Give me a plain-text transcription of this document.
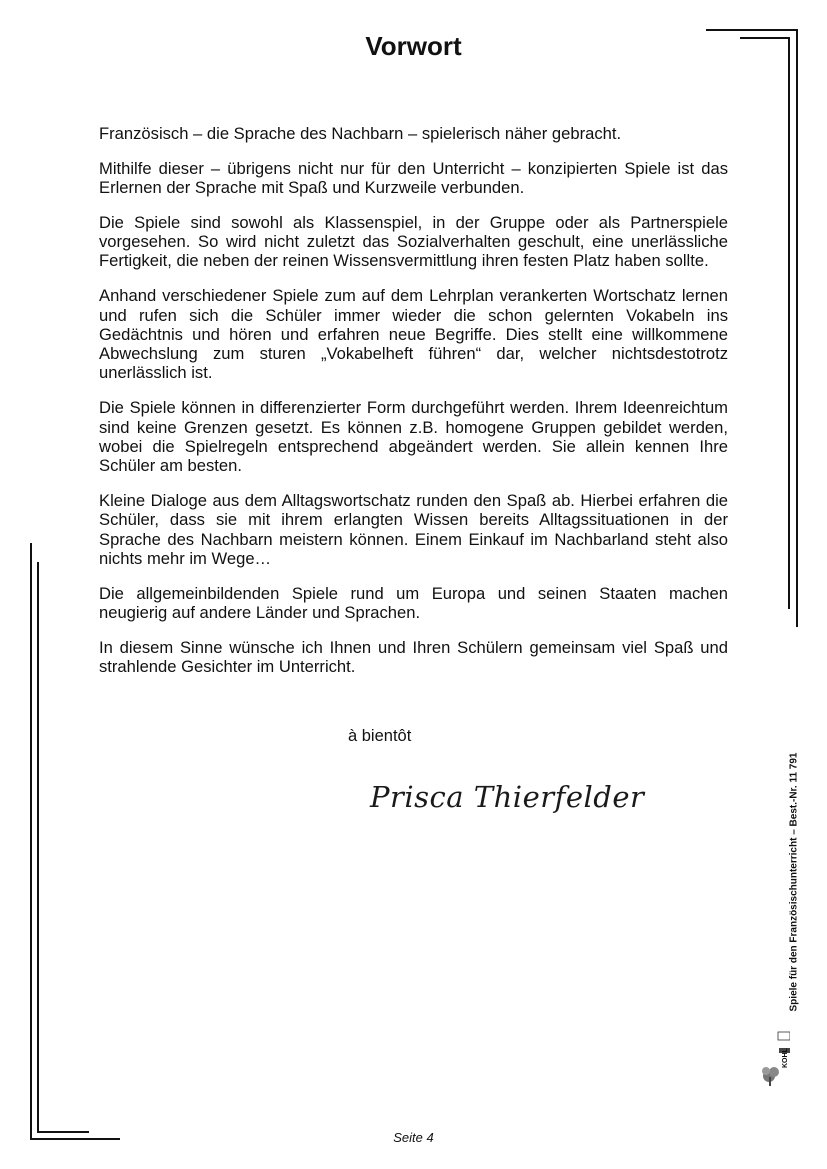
Vorwort

Französisch – die Sprache des Nachbarn – spielerisch näher gebracht.

Mithilfe dieser – übrigens nicht nur für den Unterricht – konzipierten Spiele ist das Erlernen der Sprache mit Spaß und Kurzweile verbunden.

Die Spiele sind sowohl als Klassenspiel, in der Gruppe oder als Partnerspiele vorgesehen. So wird nicht zuletzt das Sozialverhalten geschult, eine unerlässliche Fertigkeit, die neben der reinen Wissensvermittlung ihren festen Platz haben sollte.

Anhand verschiedener Spiele zum auf dem Lehrplan verankerten Wortschatz lernen und rufen sich die Schüler immer wieder die schon gelernten Vokabeln ins Gedächtnis und hören und erfahren neue Begriffe. Dies stellt eine willkommene Abwechslung zum sturen „Vokabelheft führen“ dar, welcher nichtsdestotrotz unerlässlich ist.

Die Spiele können in differenzierter Form durchgeführt werden. Ihrem Ideenreichtum sind keine Grenzen gesetzt. Es können z.B. homogene Gruppen gebildet werden, wobei die Spielregeln entsprechend abgeändert werden. Sie allein kennen Ihre Schüler am besten.

Kleine Dialoge aus dem Alltagswortschatz runden den Spaß ab. Hierbei erfahren die Schüler, dass sie mit ihrem erlangten Wissen bereits Alltagssituationen in der Sprache des Nachbarn meistern können. Einem Einkauf im Nachbarland steht also nichts mehr im Wege…

Die allgemeinbildenden Spiele rund um Europa und seinen Staaten machen neugierig auf andere Länder und Sprachen.

In diesem Sinne wünsche ich Ihnen und Ihren Schülern gemeinsam viel Spaß und strahlende Gesichter im Unterricht.

à bientôt

Prisca Thierfelder

Seite 4

Spiele für den Französischunterricht – Best.-Nr. 11 791
KOHL
